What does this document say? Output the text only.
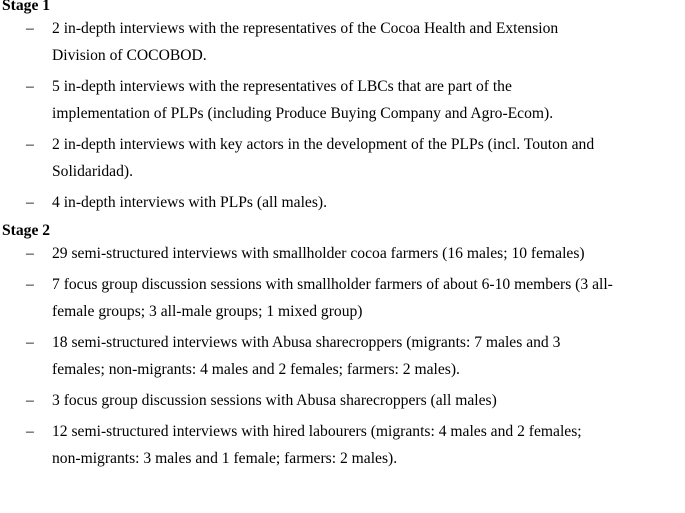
Stage 1
– 2 in-depth interviews with the representatives of the Cocoa Health and Extension
Division of COCOBOD.
– 5 in-depth interviews with the representatives of LBCs that are part of the
implementation of PLPs (including Produce Buying Company and Agro-Ecom).
– 2 in-depth interviews with key actors in the development of the PLPs (incl. Touton and
Solidaridad).
– 4 in-depth interviews with PLPs (all males).
Stage 2
– 29 semi-structured interviews with smallholder cocoa farmers (16 males; 10 females)
– 7 focus group discussion sessions with smallholder farmers of about 6-10 members (3 all-
female groups; 3 all-male groups; 1 mixed group)
– 18 semi-structured interviews with Abusa sharecroppers (migrants: 7 males and 3
females; non-migrants: 4 males and 2 females; farmers: 2 males).
– 3 focus group discussion sessions with Abusa sharecroppers (all males)
– 12 semi-structured interviews with hired labourers (migrants: 4 males and 2 females;
non-migrants: 3 males and 1 female; farmers: 2 males).
